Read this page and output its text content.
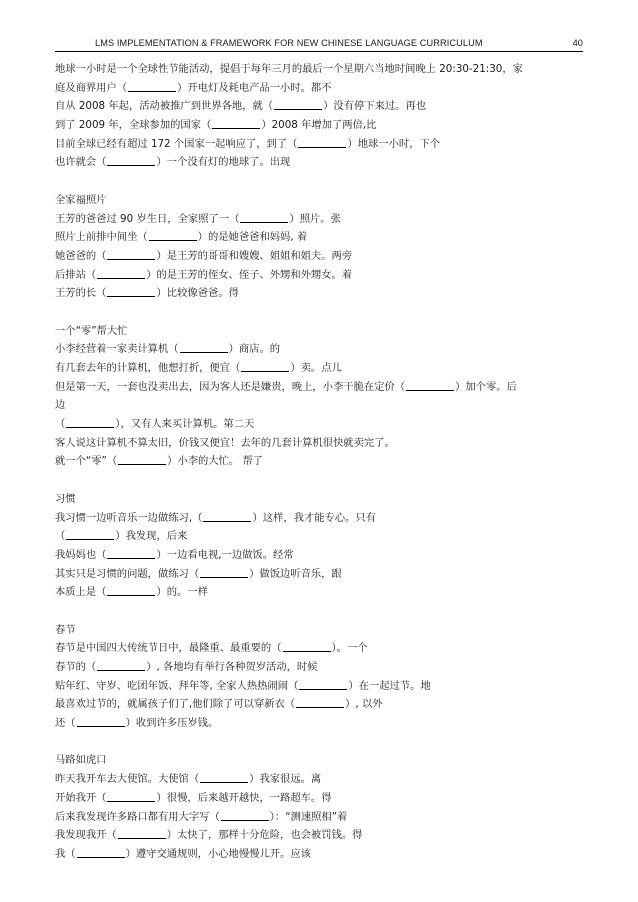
LMS IMPLEMENTATION & FRAMEWORK FOR NEW CHINESE LANGUAGE CURRICULUM	40
地球一小时是一个全球性节能活动，提倡于每年三月的最后一个星期六当地时间晚上 20:30-21:30，家
庭及商界用户（	）开电灯及耗电产品一小时。都不
自从 2008 年起，活动被推广到世界各地，就（	）没有停下来过。再也
到了 2009 年，全球参加的国家（	）2008 年增加了两倍,比
目前全球已经有超过 172 个国家一起响应了，到了（	）地球一小时，下个
也许就会（	）一个没有灯的地球了。出现
全家福照片
王芳的爸爸过 90 岁生日，全家照了一（	）照片。张
照片上前排中间坐（	）的是她爸爸和妈妈, 着
她爸爸的（	）是王芳的哥哥和嫂嫂、姐姐和姐夫。两旁
后排站（	）的是王芳的侄女、侄子、外甥和外甥女。着
王芳的长（	）比较像爸爸。得
一个“零”帮大忙
小李经营着一家卖计算机（	）商店。的
有几套去年的计算机，他想打折，便宜（	）卖。点儿
但是第一天，一套也没卖出去，因为客人还是嫌贵，晚上，小李干脆在定价（	）加个零。后
边
（	），又有人来买计算机。第二天
客人说这计算机不算太旧，价钱又便宜！去年的几套计算机很快就卖完了。
就一个“零”（	）小李的大忙。 帮了
习惯
我习惯一边听音乐一边做练习,（	）这样，我才能专心。只有
（	）我发现，后来
我妈妈也（	）一边看电视,一边做饭。经常
其实只是习惯的问题，做练习（	）做饭边听音乐，跟
本质上是（	）的。一样
春节
春节是中国四大传统节日中，最隆重、最重要的（	）。一个
春节的（	）, 各地均有举行各种贺岁活动，时候
贴年红、守岁、吃团年饭、拜年等, 全家人热热闹闹（	）在一起过节。地
最喜欢过节的，就属孩子们了,他们除了可以穿新衣（	）, 以外
还（	）收到许多压岁钱。
马路如虎口
昨天我开车去大使馆。大使馆（	）我家很远。离
开始我开（	）很慢，后来越开越快，一路超车。得
后来我发现许多路口都有用大字写（	）：“测速照相”着
我发现我开（	）太快了，那样十分危险，也会被罚钱。得
我（	）遵守交通规则，小心地慢慢儿开。应该
